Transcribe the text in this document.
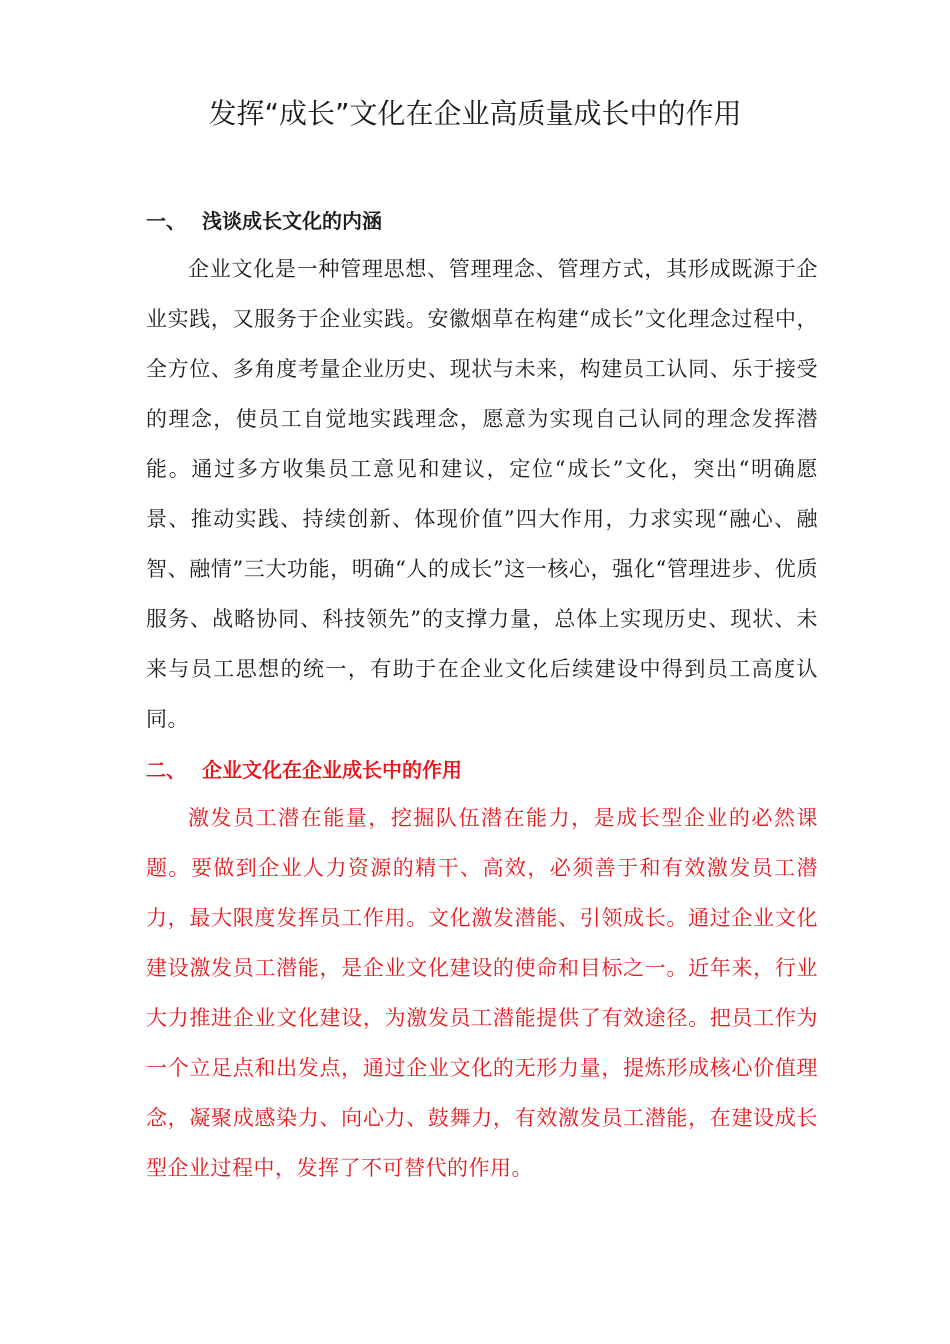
发挥“成长”文化在企业高质量成长中的作用
一、 浅谈成长文化的内涵

企业文化是一种管理思想、管理理念、管理方式，其形成既源于企业实践，又服务于企业实践。安徽烟草在构建“成长”文化理念过程中，全方位、多角度考量企业历史、现状与未来，构建员工认同、乐于接受的理念，使员工自觉地实践理念，愿意为实现自己认同的理念发挥潜能。通过多方收集员工意见和建议，定位“成长”文化，突出“明确愿景、推动实践、持续创新、体现价值”四大作用，力求实现“融心、融智、融情”三大功能，明确“人的成长”这一核心，强化“管理进步、优质服务、战略协同、科技领先”的支撑力量，总体上实现历史、现状、未来与员工思想的统一，有助于在企业文化后续建设中得到员工高度认同。

二、 企业文化在企业成长中的作用

激发员工潜在能量，挖掘队伍潜在能力，是成长型企业的必然课题。要做到企业人力资源的精干、高效，必须善于和有效激发员工潜力，最大限度发挥员工作用。文化激发潜能、引领成长。通过企业文化建设激发员工潜能，是企业文化建设的使命和目标之一。近年来，行业大力推进企业文化建设，为激发员工潜能提供了有效途径。把员工作为一个立足点和出发点，通过企业文化的无形力量，提炼形成核心价值理念，凝聚成感染力、向心力、鼓舞力，有效激发员工潜能，在建设成长型企业过程中，发挥了不可替代的作用。
